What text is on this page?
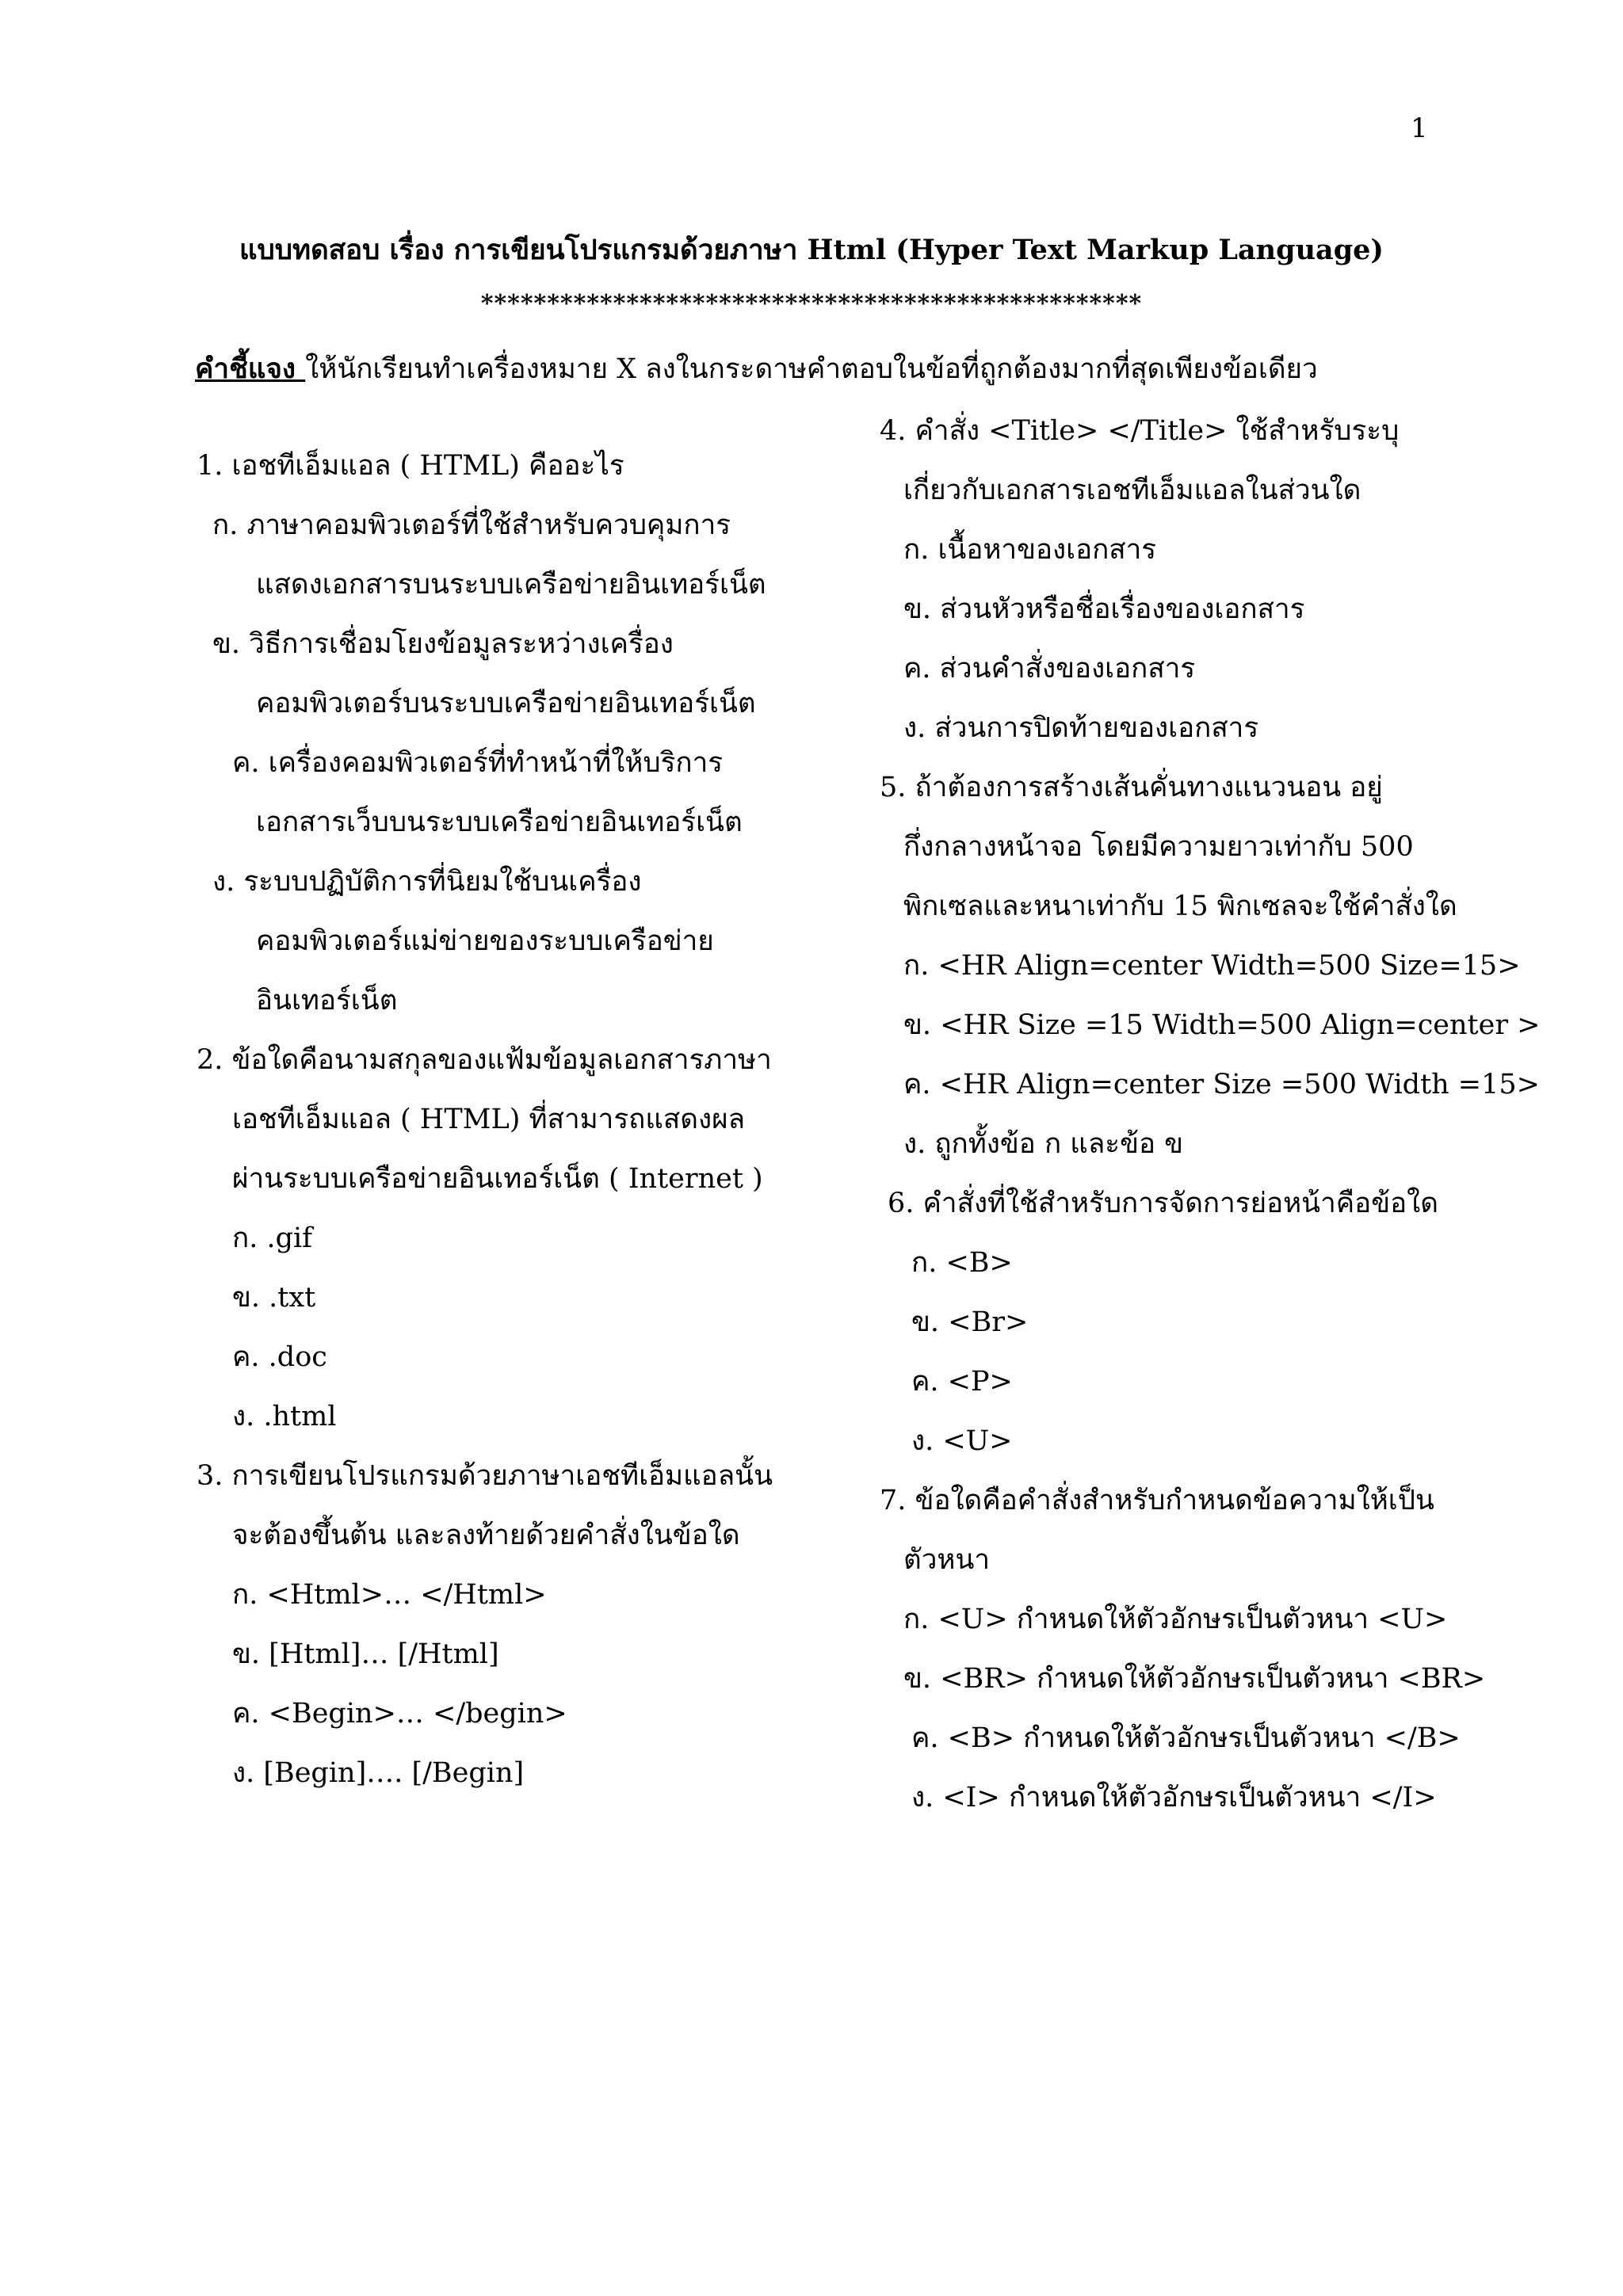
1
แบบทดสอบ เรื่อง การเขียนโปรแกรมด้วยภาษา Html (Hyper Text Markup Language)
**************************************************
คำชี้แจง ให้นักเรียนทำเครื่องหมาย X ลงในกระดาษคำตอบในข้อที่ถูกต้องมากที่สุดเพียงข้อเดียว
1. เอชทีเอ็มแอล ( HTML) คืออะไร
ก. ภาษาคอมพิวเตอร์ที่ใช้สำหรับควบคุมการ
แสดงเอกสารบนระบบเครือข่ายอินเทอร์เน็ต
ข. วิธีการเชื่อมโยงข้อมูลระหว่างเครื่อง
คอมพิวเตอร์บนระบบเครือข่ายอินเทอร์เน็ต
ค. เครื่องคอมพิวเตอร์ที่ทำหน้าที่ให้บริการ
เอกสารเว็บบนระบบเครือข่ายอินเทอร์เน็ต
ง. ระบบปฏิบัติการที่นิยมใช้บนเครื่อง
คอมพิวเตอร์แม่ข่ายของระบบเครือข่าย
อินเทอร์เน็ต
2. ข้อใดคือนามสกุลของแฟ้มข้อมูลเอกสารภาษา
เอชทีเอ็มแอล ( HTML) ที่สามารถแสดงผล
ผ่านระบบเครือข่ายอินเทอร์เน็ต ( Internet )
ก. .gif
ข. .txt
ค. .doc
ง. .html
3. การเขียนโปรแกรมด้วยภาษาเอชทีเอ็มแอลนั้น
จะต้องขึ้นต้น และลงท้ายด้วยคำสั่งในข้อใด
ก. <Html>… </Html>
ข. [Html]… [/Html]
ค. <Begin>… </begin>
ง. [Begin]…. [/Begin]
4. คำสั่ง <Title> </Title> ใช้สำหรับระบุ
เกี่ยวกับเอกสารเอชทีเอ็มแอลในส่วนใด
ก. เนื้อหาของเอกสาร
ข. ส่วนหัวหรือชื่อเรื่องของเอกสาร
ค. ส่วนคำสั่งของเอกสาร
ง. ส่วนการปิดท้ายของเอกสาร
5. ถ้าต้องการสร้างเส้นคั่นทางแนวนอน อยู่
กึ่งกลางหน้าจอ โดยมีความยาวเท่ากับ 500
พิกเซลและหนาเท่ากับ 15 พิกเซลจะใช้คำสั่งใด
ก. <HR Align=center Width=500 Size=15>
ข. <HR Size =15 Width=500 Align=center >
ค. <HR Align=center Size =500 Width =15>
ง. ถูกทั้งข้อ ก และข้อ ข
6. คำสั่งที่ใช้สำหรับการจัดการย่อหน้าคือข้อใด
ก. <B>
ข. <Br>
ค. <P>
ง. <U>
7. ข้อใดคือคำสั่งสำหรับกำหนดข้อความให้เป็น
ตัวหนา
ก. <U> กำหนดให้ตัวอักษรเป็นตัวหนา <U>
ข. <BR> กำหนดให้ตัวอักษรเป็นตัวหนา <BR>
ค. <B> กำหนดให้ตัวอักษรเป็นตัวหนา </B>
ง. <I> กำหนดให้ตัวอักษรเป็นตัวหนา </I>
